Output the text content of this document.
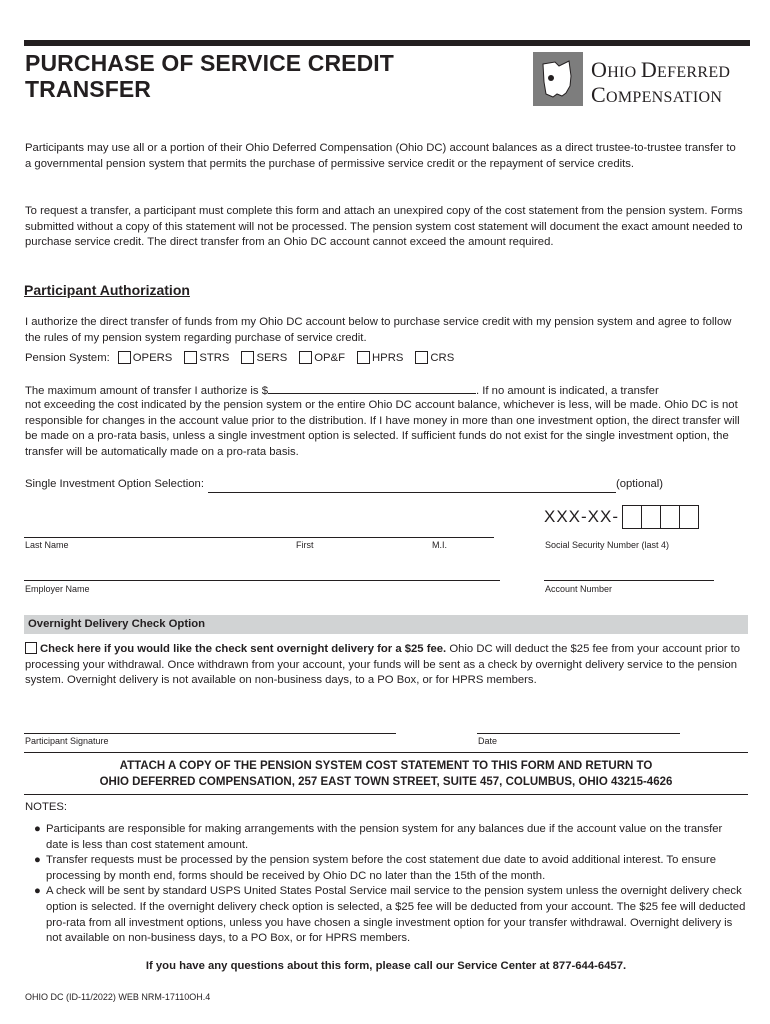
PURCHASE OF SERVICE CREDIT
TRANSFER
OHIO DEFERRED
COMPENSATION
Participants may use all or a portion of their Ohio Deferred Compensation (Ohio DC) account balances as a direct trustee-to-trustee transfer to a governmental pension system that permits the purchase of permissive service credit or the repayment of service credits.
To request a transfer, a participant must complete this form and attach an unexpired copy of the cost statement from the pension system. Forms submitted without a copy of this statement will not be processed. The pension system cost statement will document the exact amount needed to purchase service credit. The direct transfer from an Ohio DC account cannot exceed the amount required.
Participant Authorization
I authorize the direct transfer of funds from my Ohio DC account below to purchase service credit with my pension system and agree to follow the rules of my pension system regarding purchase of service credit.
Pension System: OPERS STRS SERS OP&F HPRS CRS
The maximum amount of transfer I authorize is $	. If no amount is indicated, a transfer
not exceeding the cost indicated by the pension system or the entire Ohio DC account balance, whichever is less, will be made. Ohio DC is not responsible for changes in the account value prior to the distribution. If I have money in more than one investment option, the direct transfer will be made on a pro-rata basis, unless a single investment option is selected. If sufficient funds do not exist for the single investment option, the transfer will be automatically made on a pro-rata basis.
Single Investment Option Selection:	(optional)
XXX-XX-
Last Name	First	M.I.	Social Security Number (last 4)
Employer Name	Account Number
Overnight Delivery Check Option
Check here if you would like the check sent overnight delivery for a $25 fee. Ohio DC will deduct the $25 fee from your account prior to processing your withdrawal. Once withdrawn from your account, your funds will be sent as a check by overnight delivery service to the pension system. Overnight delivery is not available on non-business days, to a PO Box, or for HPRS members.
Participant Signature	Date
ATTACH A COPY OF THE PENSION SYSTEM COST STATEMENT TO THIS FORM AND RETURN TO
OHIO DEFERRED COMPENSATION, 257 EAST TOWN STREET, SUITE 457, COLUMBUS, OHIO 43215-4626
NOTES:
● Participants are responsible for making arrangements with the pension system for any balances due if the account value on the transfer date is less than cost statement amount.
● Transfer requests must be processed by the pension system before the cost statement due date to avoid additional interest. To ensure processing by month end, forms should be received by Ohio DC no later than the 15th of the month.
● A check will be sent by standard USPS United States Postal Service mail service to the pension system unless the overnight delivery check option is selected. If the overnight delivery check option is selected, a $25 fee will be deducted from your account. The $25 fee will deducted pro-rata from all investment options, unless you have chosen a single investment option for your transfer withdrawal. Overnight delivery is not available on non-business days, to a PO Box, or for HPRS members.
If you have any questions about this form, please call our Service Center at 877-644-6457.
OHIO DC (ID-11/2022) WEB NRM-17110OH.4
